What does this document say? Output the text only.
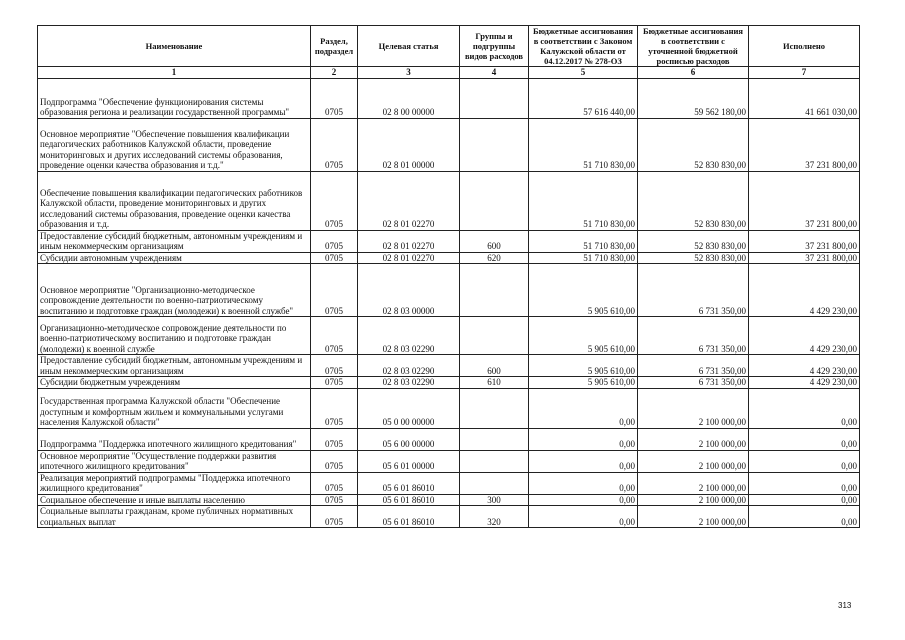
Наименование	Раздел, подраздел	Целевая статья	Группы и подгруппы видов расходов	Бюджетные ассигнования в соответствии с Законом Калужской области от 04.12.2017 № 278-ОЗ	Бюджетные ассигнования в соответствии с уточненной бюджетной росписью расходов	Исполнено
1	2	3	4	5	6	7
Подпрограмма "Обеспечение функционирования системы образования региона и реализации государственной программы"	0705	02 8 00 00000		57 616 440,00	59 562 180,00	41 661 030,00
Основное мероприятие "Обеспечение повышения квалификации педагогических работников Калужской области, проведение мониторинговых и других исследований системы образования, проведение оценки качества образования и т.д."	0705	02 8 01 00000		51 710 830,00	52 830 830,00	37 231 800,00
Обеспечение повышения квалификации педагогических работников Калужской области, проведение мониторинговых и других исследований системы образования, проведение оценки качества образования и т.д.	0705	02 8 01 02270		51 710 830,00	52 830 830,00	37 231 800,00
Предоставление субсидий бюджетным, автономным учреждениям и иным некоммерческим организациям	0705	02 8 01 02270	600	51 710 830,00	52 830 830,00	37 231 800,00
Субсидии автономным учреждениям	0705	02 8 01 02270	620	51 710 830,00	52 830 830,00	37 231 800,00
Основное мероприятие "Организационно-методическое сопровождение деятельности по военно-патриотическому воспитанию и подготовке граждан (молодежи) к военной службе"	0705	02 8 03 00000		5 905 610,00	6 731 350,00	4 429 230,00
Организационно-методическое сопровождение деятельности по военно-патриотическому воспитанию и подготовке граждан (молодежи) к военной службе	0705	02 8 03 02290		5 905 610,00	6 731 350,00	4 429 230,00
Предоставление субсидий бюджетным, автономным учреждениям и иным некоммерческим организациям	0705	02 8 03 02290	600	5 905 610,00	6 731 350,00	4 429 230,00
Субсидии бюджетным учреждениям	0705	02 8 03 02290	610	5 905 610,00	6 731 350,00	4 429 230,00
Государственная программа Калужской области "Обеспечение доступным и комфортным жильем и коммунальными услугами населения Калужской области"	0705	05 0 00 00000		0,00	2 100 000,00	0,00
Подпрограмма "Поддержка ипотечного жилищного кредитования"	0705	05 6 00 00000		0,00	2 100 000,00	0,00
Основное мероприятие "Осуществление поддержки развития ипотечного жилищного кредитования"	0705	05 6 01 00000		0,00	2 100 000,00	0,00
Реализация мероприятий подпрограммы "Поддержка ипотечного жилищного кредитования"	0705	05 6 01 86010		0,00	2 100 000,00	0,00
Социальное обеспечение и иные выплаты населению	0705	05 6 01 86010	300	0,00	2 100 000,00	0,00
Социальные выплаты гражданам, кроме публичных нормативных социальных выплат	0705	05 6 01 86010	320	0,00	2 100 000,00	0,00
313
